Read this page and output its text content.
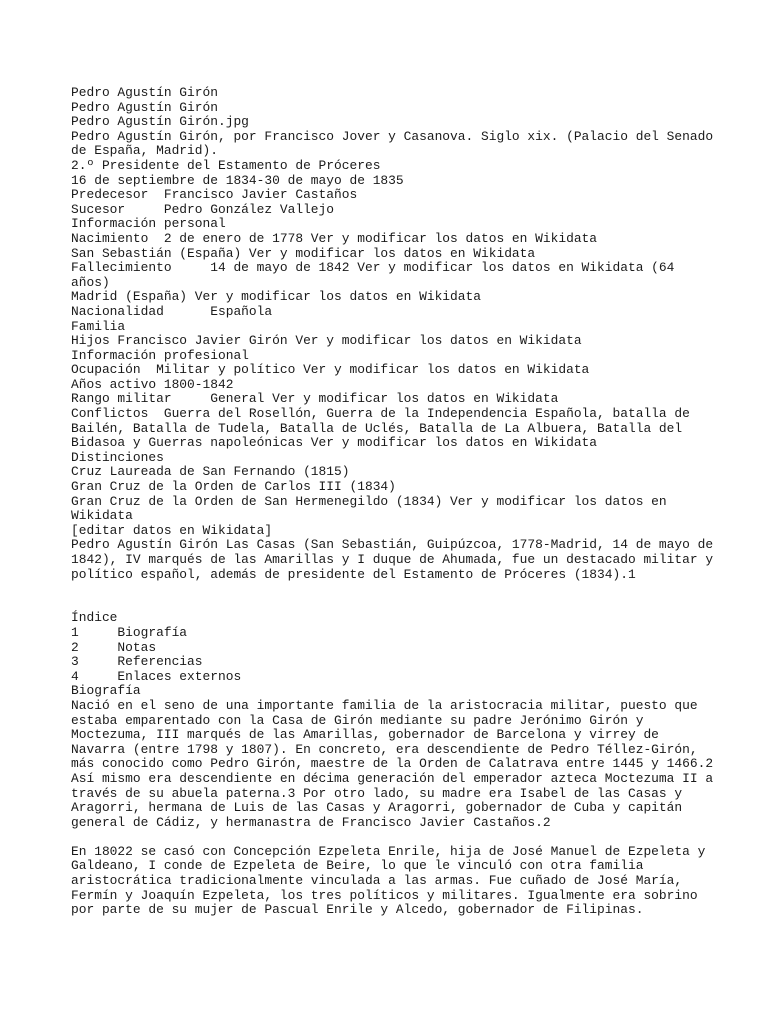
Pedro Agustín Girón
Pedro Agustín Girón
Pedro Agustín Girón.jpg
Pedro Agustín Girón, por Francisco Jover y Casanova. Siglo xix. (Palacio del Senado
de España, Madrid).
2.º Presidente del Estamento de Próceres
16 de septiembre de 1834-30 de mayo de 1835
Predecesor  Francisco Javier Castaños
Sucesor     Pedro González Vallejo
Información personal
Nacimiento  2 de enero de 1778 Ver y modificar los datos en Wikidata
San Sebastián (España) Ver y modificar los datos en Wikidata
Fallecimiento     14 de mayo de 1842 Ver y modificar los datos en Wikidata (64
años)
Madrid (España) Ver y modificar los datos en Wikidata
Nacionalidad      Española
Familia
Hijos Francisco Javier Girón Ver y modificar los datos en Wikidata
Información profesional
Ocupación  Militar y político Ver y modificar los datos en Wikidata
Años activo 1800-1842
Rango militar     General Ver y modificar los datos en Wikidata
Conflictos  Guerra del Rosellón, Guerra de la Independencia Española, batalla de
Bailén, Batalla de Tudela, Batalla de Uclés, Batalla de La Albuera, Batalla del
Bidasoa y Guerras napoleónicas Ver y modificar los datos en Wikidata
Distinciones
Cruz Laureada de San Fernando (1815)
Gran Cruz de la Orden de Carlos III (1834)
Gran Cruz de la Orden de San Hermenegildo (1834) Ver y modificar los datos en
Wikidata
[editar datos en Wikidata]
Pedro Agustín Girón Las Casas (San Sebastián, Guipúzcoa, 1778-Madrid, 14 de mayo de
1842), IV marqués de las Amarillas y I duque de Ahumada, fue un destacado militar y
político español, además de presidente del Estamento de Próceres (1834).1
Índice
1     Biografía
2     Notas
3     Referencias
4     Enlaces externos
Biografía
Nació en el seno de una importante familia de la aristocracia militar, puesto que
estaba emparentado con la Casa de Girón mediante su padre Jerónimo Girón y
Moctezuma, III marqués de las Amarillas, gobernador de Barcelona y virrey de
Navarra (entre 1798 y 1807). En concreto, era descendiente de Pedro Téllez-Girón,
más conocido como Pedro Girón, maestre de la Orden de Calatrava entre 1445 y 1466.2
Así mismo era descendiente en décima generación del emperador azteca Moctezuma II a
través de su abuela paterna.3 Por otro lado, su madre era Isabel de las Casas y
Aragorri, hermana de Luis de las Casas y Aragorri, gobernador de Cuba y capitán
general de Cádiz, y hermanastra de Francisco Javier Castaños.2
En 18022 se casó con Concepción Ezpeleta Enrile, hija de José Manuel de Ezpeleta y
Galdeano, I conde de Ezpeleta de Beire, lo que le vinculó con otra familia
aristocrática tradicionalmente vinculada a las armas. Fue cuñado de José María,
Fermín y Joaquín Ezpeleta, los tres políticos y militares. Igualmente era sobrino
por parte de su mujer de Pascual Enrile y Alcedo, gobernador de Filipinas.
